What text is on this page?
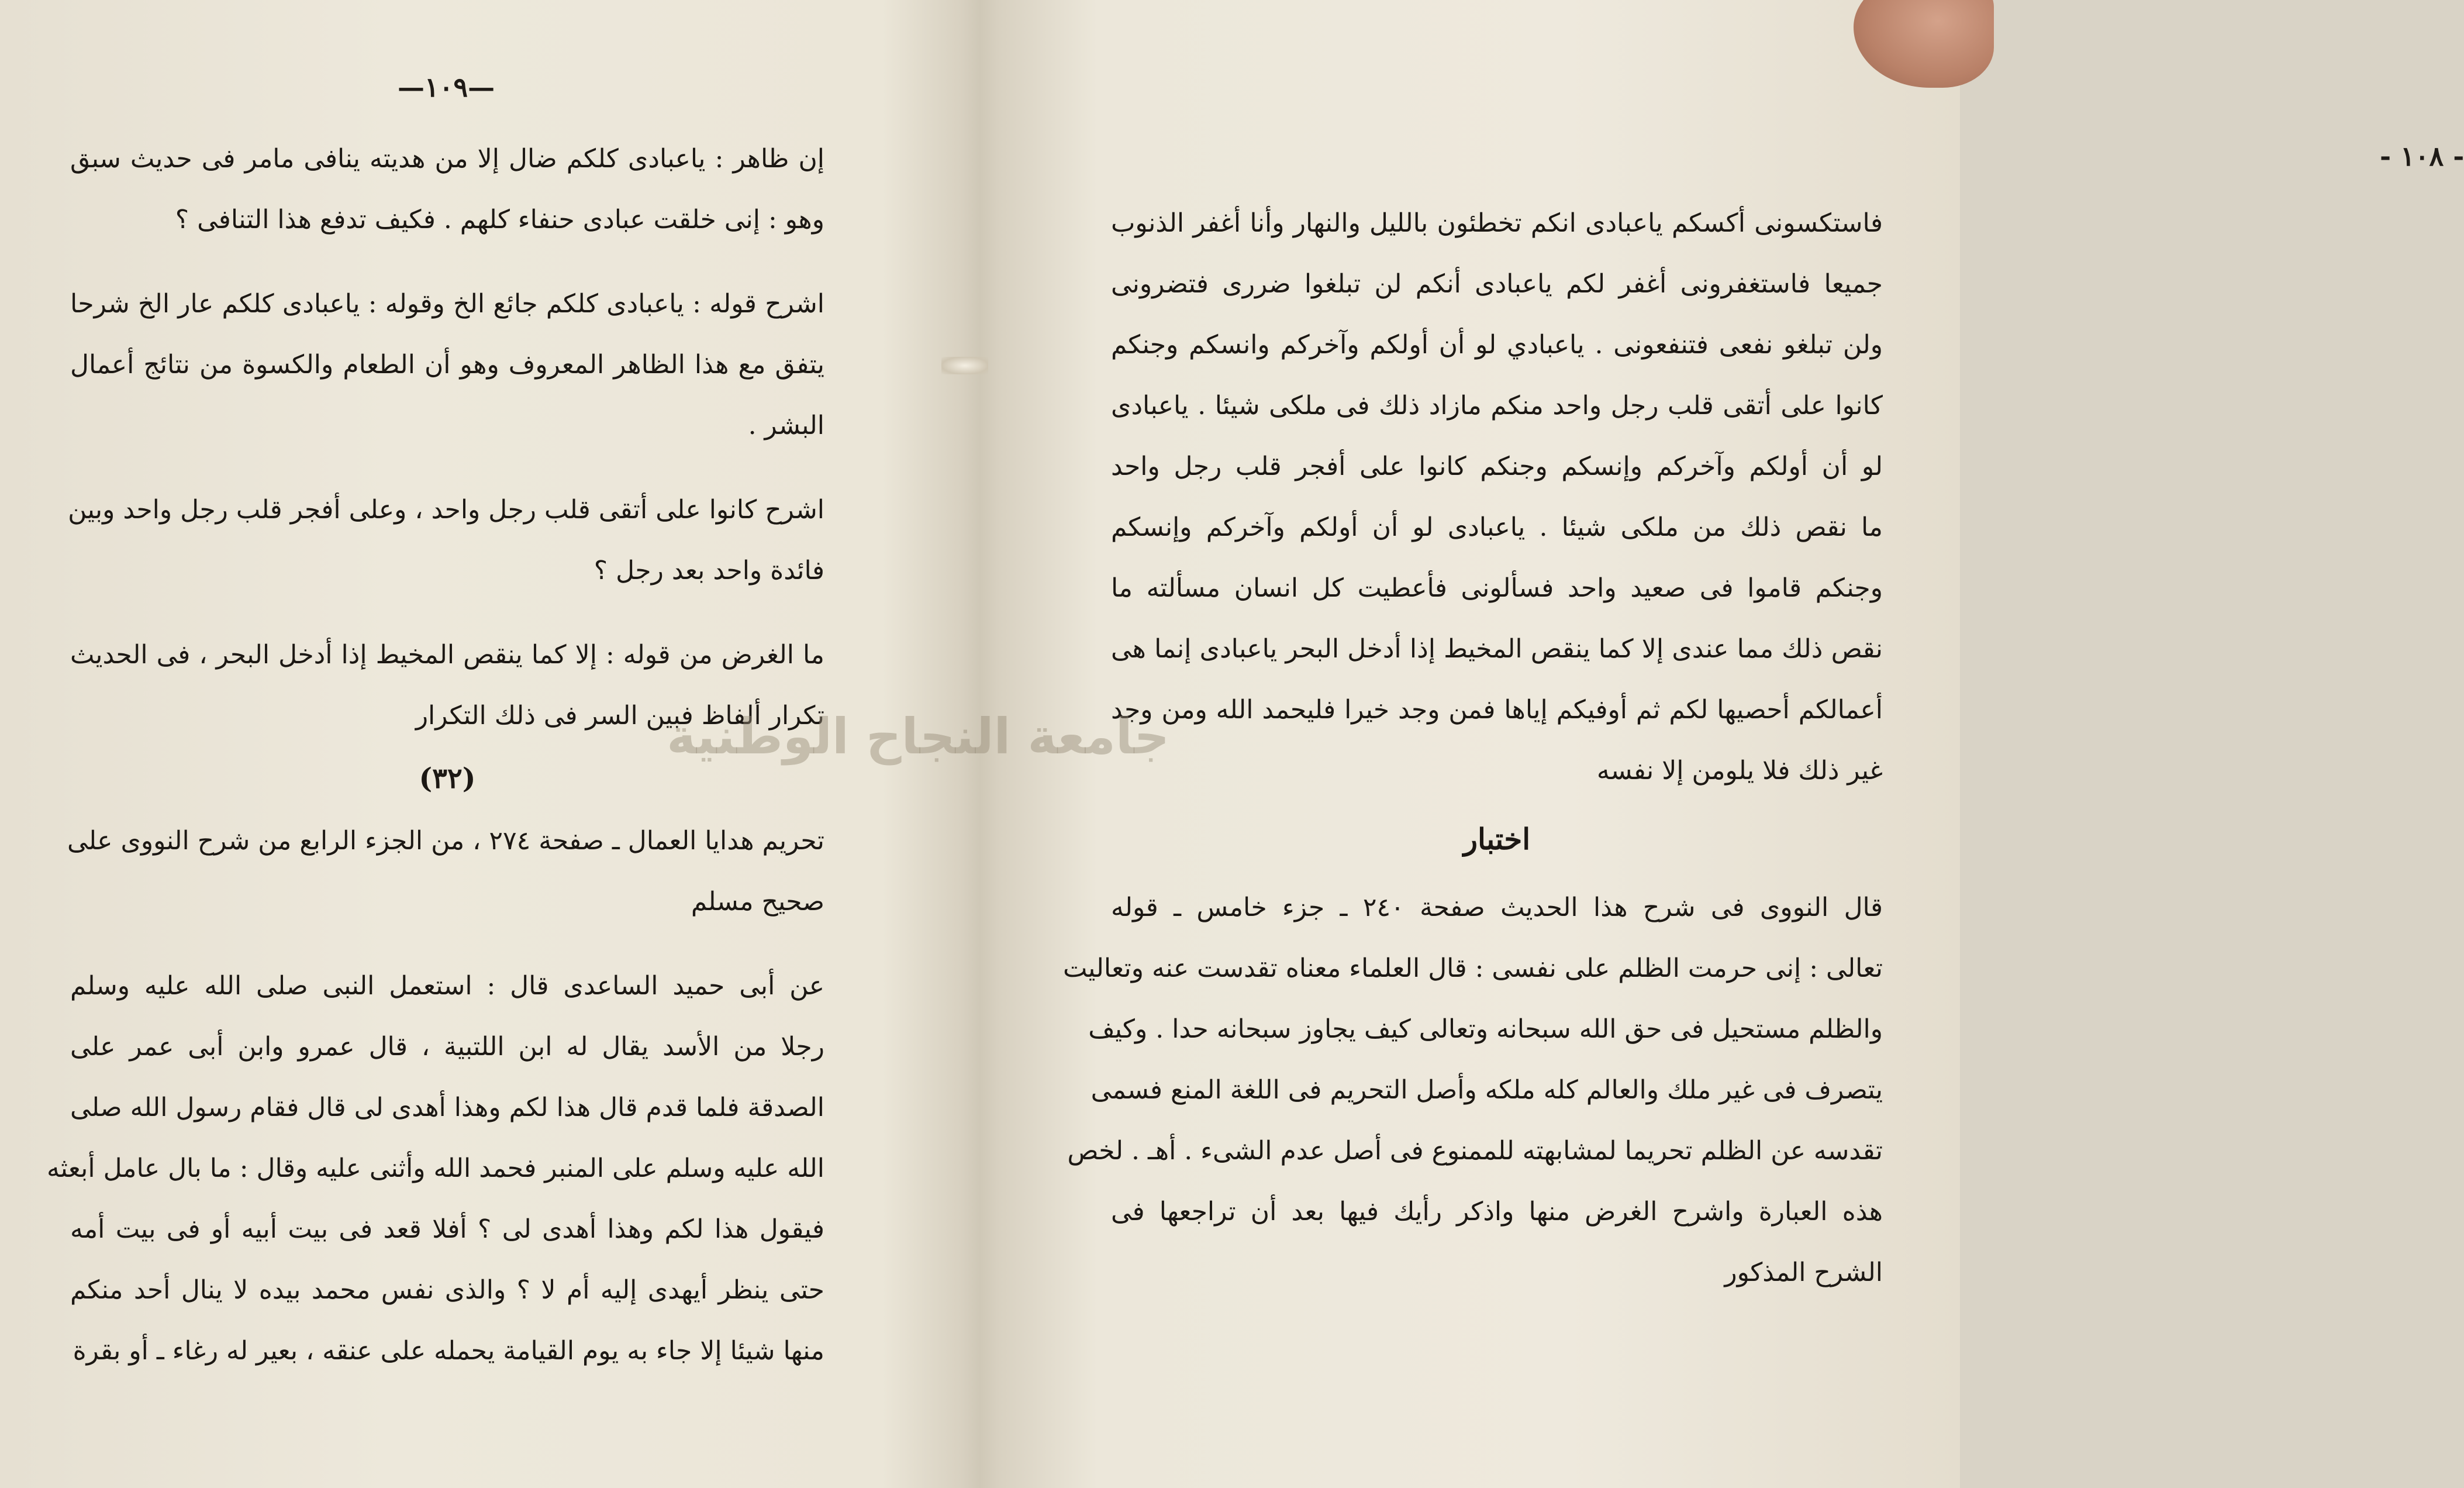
—١٠٩—
إن ظاهر : ياعبادى كلكم ضال إلا من هديته ينافى مامر فى حديث سبق
وهو : إنى خلقت عبادى حنفاء كلهم . فكيف تدفع هذا التنافى ؟
اشرح قوله : ياعبادى كلكم جائع الخ وقوله : ياعبادى كلكم عار الخ شرحا
يتفق مع هذا الظاهر المعروف وهو أن الطعام والكسوة من نتائج أعمال
البشر .
اشرح كانوا على أتقى قلب رجل واحد ، وعلى أفجر قلب رجل واحد وبين
فائدة واحد بعد رجل ؟
ما الغرض من قوله : إلا كما ينقص المخيط إذا أدخل البحر ، فى الحديث
تكرار ألفاظ فبين السر فى ذلك التكرار
(٣٢)
تحريم هدايا العمال ـ صفحة ٢٧٤ ، من الجزء الرابع من شرح النووى على
صحيح مسلم
عن أبى حميد الساعدى قال : استعمل النبى صلى الله عليه وسلم
رجلا من الأسد يقال له ابن اللتبية ، قال عمرو وابن أبى عمر على
الصدقة فلما قدم قال هذا لكم وهذا أهدى لى قال فقام رسول الله صلى
الله عليه وسلم على المنبر فحمد الله وأثنى عليه وقال : ما بال عامل أبعثه
فيقول هذا لكم وهذا أهدى لى ؟ أفلا قعد فى بيت أبيه أو فى بيت أمه
حتى ينظر أيهدى إليه أم لا ؟ والذى نفس محمد بيده لا ينال أحد منكم
منها شيئا إلا جاء به يوم القيامة يحمله على عنقه ، بعير له رغاء ـ أو بقرة
- ١٠٨ -
فاستكسونى أكسكم ياعبادى انكم تخطئون بالليل والنهار وأنا أغفر الذنوب
جميعا فاستغفرونى أغفر لكم ياعبادى أنكم لن تبلغوا ضررى فتضرونى
ولن تبلغو نفعى فتنفعونى . ياعبادي لو أن أولكم وآخركم وانسكم وجنكم
كانوا على أتقى قلب رجل واحد منكم مازاد ذلك فى ملكى شيئا . ياعبادى
لو أن أولكم وآخركم وإنسكم وجنكم كانوا على أفجر قلب رجل واحد
ما نقص ذلك من ملكى شيئا . ياعبادى لو أن أولكم وآخركم وإنسكم
وجنكم قاموا فى صعيد واحد فسألونى فأعطيت كل انسان مسألته ما
نقص ذلك مما عندى إلا كما ينقص المخيط إذا أدخل البحر ياعبادى إنما هى
أعمالكم أحصيها لكم ثم أوفيكم إياها فمن وجد خيرا فليحمد الله ومن وجد
غير ذلك فلا يلومن إلا نفسه
اختبار
قال النووى فى شرح هذا الحديث صفحة ٢٤٠ ـ جزء خامس ـ قوله
تعالى : إنى حرمت الظلم على نفسى : قال العلماء معناه تقدست عنه وتعاليت
والظلم مستحيل فى حق الله سبحانه وتعالى كيف يجاوز سبحانه حدا . وكيف
يتصرف فى غير ملك والعالم كله ملكه وأصل التحريم فى اللغة المنع فسمى
تقدسه عن الظلم تحريما لمشابهته للممنوع فى أصل عدم الشىء . أهـ . لخص
هذه العبارة واشرح الغرض منها واذكر رأيك فيها بعد أن تراجعها فى
الشرح المذكور
جامعة النجاح الوطنية
